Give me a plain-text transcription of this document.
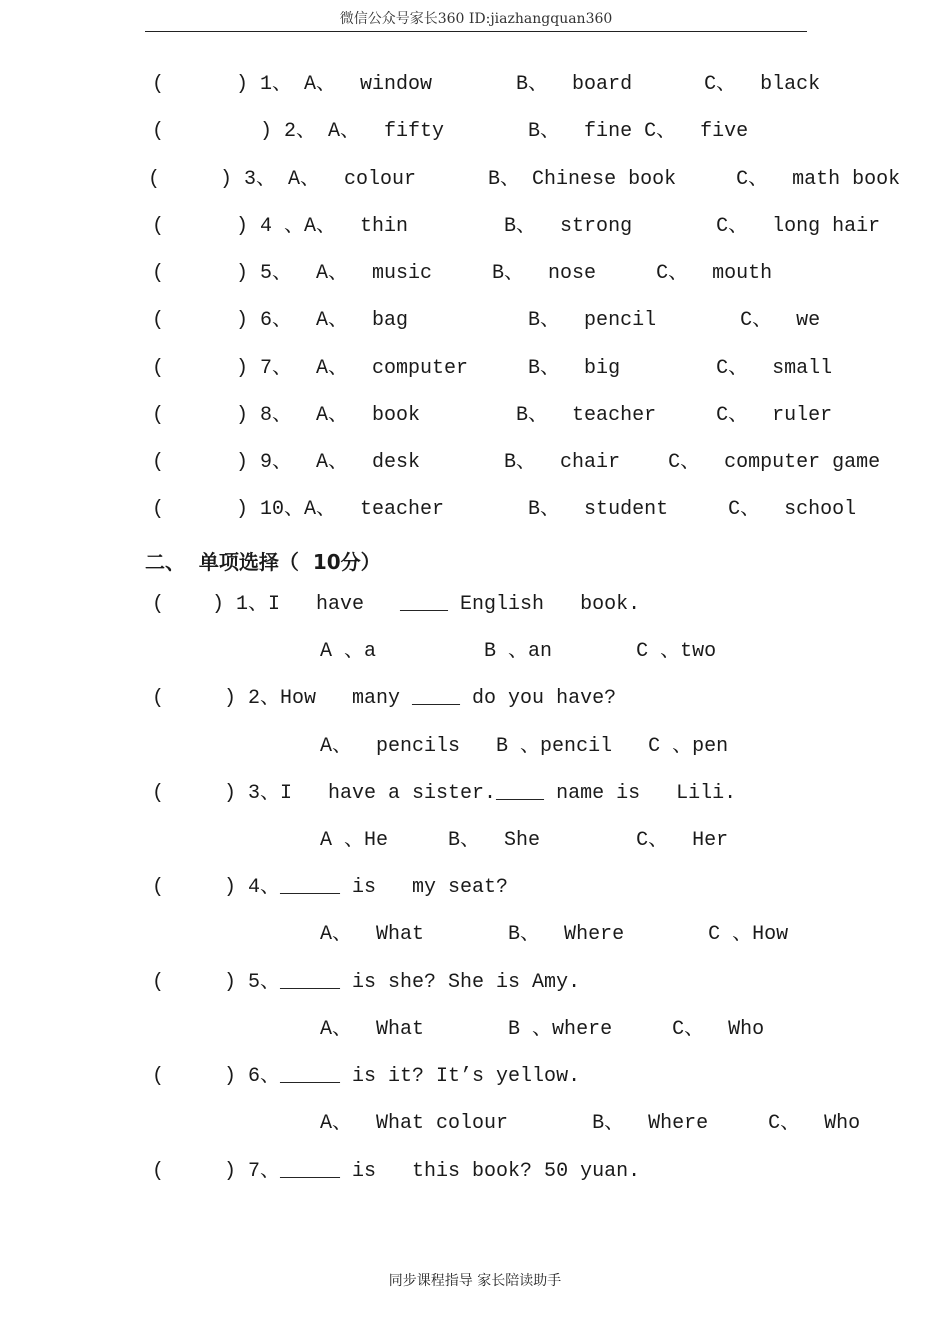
微信公众号家长360 ID:jiazhangquan360
(      ) 1、 A、  window       B、  board      C、  black
(        ) 2、 A、  fifty       B、  fine C、  five
(     ) 3、 A、  colour      B、 Chinese book     C、  math book
(      ) 4 、A、  thin        B、  strong       C、  long hair
(      ) 5、  A、  music     B、  nose     C、  mouth
(      ) 6、  A、  bag          B、  pencil       C、  we
(      ) 7、  A、  computer     B、  big        C、  small
(      ) 8、  A、  book        B、  teacher     C、  ruler
(      ) 9、  A、  desk       B、  chair    C、  computer game
(      ) 10、A、  teacher       B、  student     C、  school
二、  单项选择（  10分）
(    ) 1、I   have   ____ English   book.
A 、a         B 、an       C 、two
(     ) 2、How   many ____ do you have?
A、  pencils   B 、pencil   C 、pen
(     ) 3、I   have a sister.____ name is   Lili.
A 、He     B、  She        C、  Her
(     ) 4、_____ is   my seat?
A、  What       B、  Where       C 、How
(     ) 5、_____ is she? She is Amy.
A、  What       B 、where     C、  Who
(     ) 6、_____ is it? It’s yellow.
A、  What colour       B、  Where     C、  Who
(     ) 7、_____ is   this book? 50 yuan.
同步课程指导 家长陪读助手
